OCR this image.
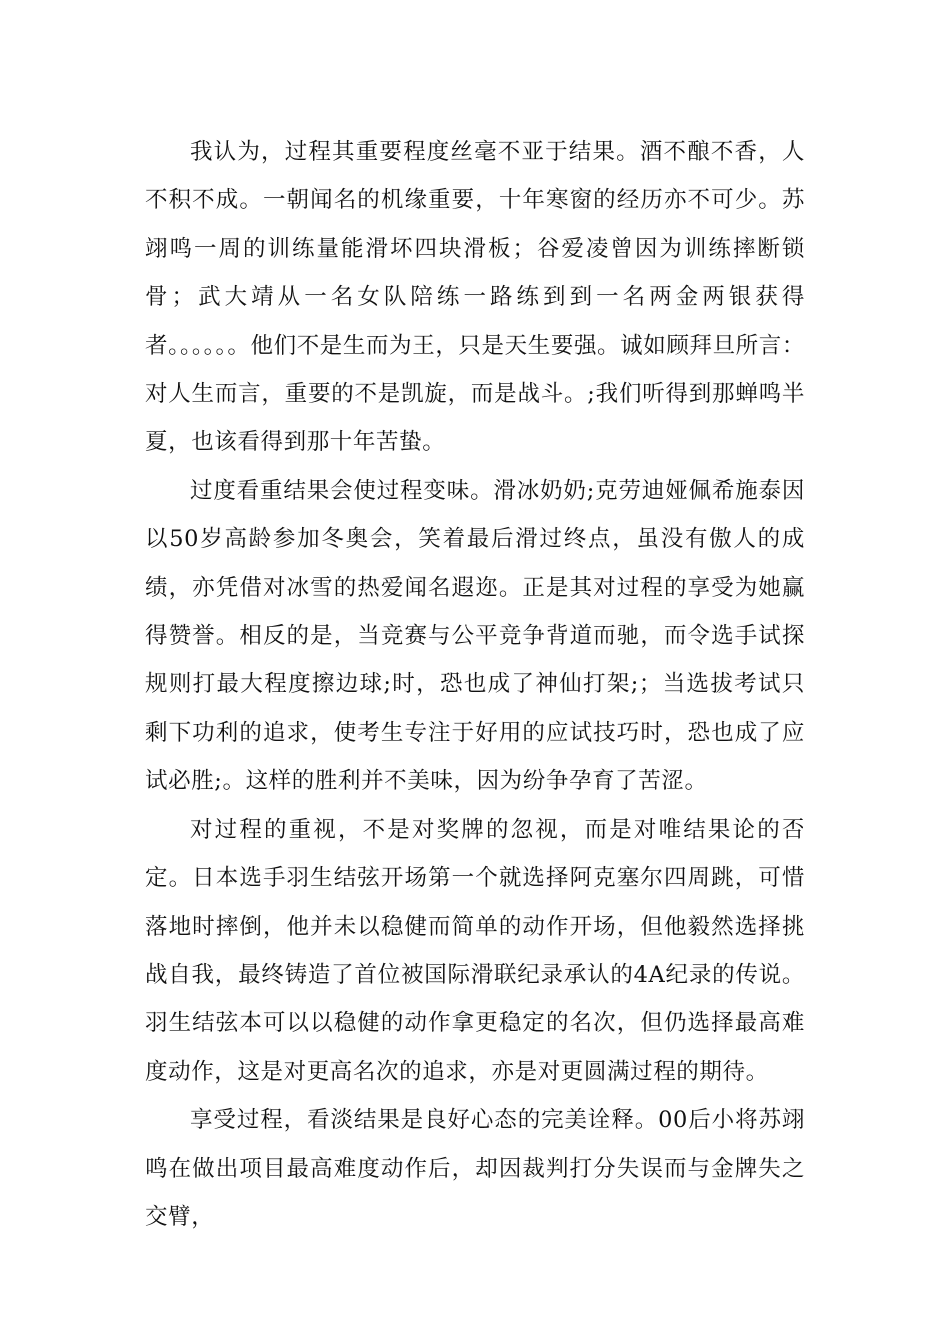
我认为，过程其重要程度丝毫不亚于结果。酒不酿不香，人不积不成。一朝闻名的机缘重要，十年寒窗的经历亦不可少。苏翊鸣一周的训练量能滑坏四块滑板；谷爱凌曾因为训练摔断锁骨；武大靖从一名女队陪练一路练到到一名两金两银获得者。。。。。。他们不是生而为王，只是天生要强。诚如顾拜旦所言：对人生而言，重要的不是凯旋，而是战斗。;我们听得到那蝉鸣半夏，也该看得到那十年苦蛰。

过度看重结果会使过程变味。滑冰奶奶;克劳迪娅佩希施泰因以50岁高龄参加冬奥会，笑着最后滑过终点，虽没有傲人的成绩，亦凭借对冰雪的热爱闻名遐迩。正是其对过程的享受为她赢得赞誉。相反的是，当竞赛与公平竞争背道而驰，而令选手试探规则打最大程度擦边球;时，恐也成了神仙打架;；当选拔考试只剩下功利的追求，使考生专注于好用的应试技巧时，恐也成了应试必胜;。这样的胜利并不美味，因为纷争孕育了苦涩。

对过程的重视，不是对奖牌的忽视，而是对唯结果论的否定。日本选手羽生结弦开场第一个就选择阿克塞尔四周跳，可惜落地时摔倒，他并未以稳健而简单的动作开场，但他毅然选择挑战自我，最终铸造了首位被国际滑联纪录承认的4A纪录的传说。羽生结弦本可以以稳健的动作拿更稳定的名次，但仍选择最高难度动作，这是对更高名次的追求，亦是对更圆满过程的期待。

享受过程，看淡结果是良好心态的完美诠释。00后小将苏翊鸣在做出项目最高难度动作后，却因裁判打分失误而与金牌失之交臂，
